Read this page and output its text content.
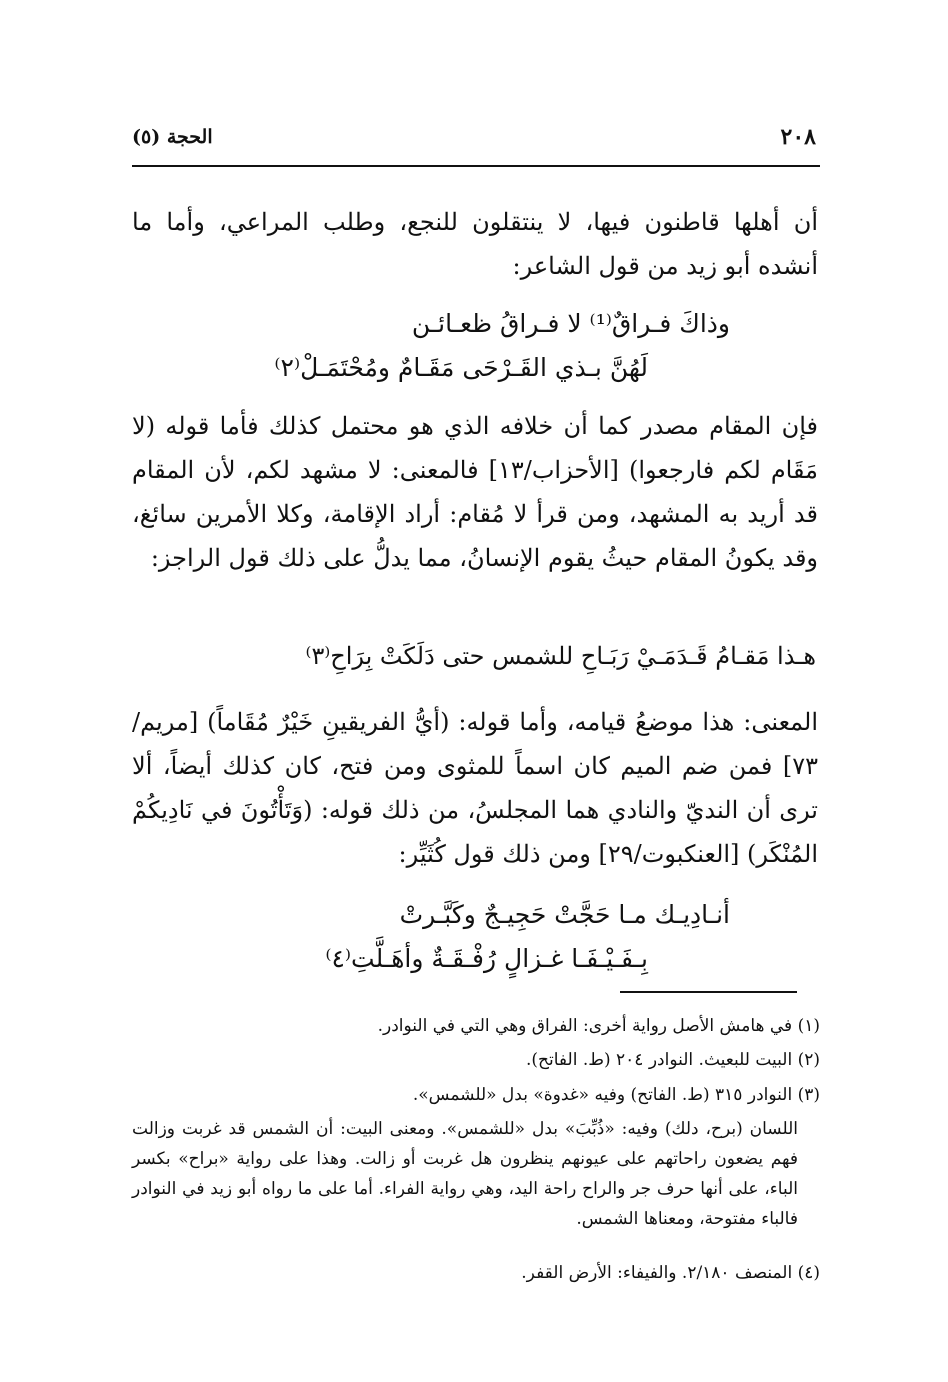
٢٠٨
الحجة (٥)
أن أهلها قاطنون فيها، لا ينتقلون للنجع، وطلب المراعي، وأما ما أنشده أبو زيد من قول الشاعر:
وذاكَ فـراقٌ⁽¹⁾ لا فـراقُ ظعـائـن
لَهُنَّ بـذي القَـرْحَى مَقَـامٌ ومُحْتَمَـلْ⁽٢⁾
فإن المقام مصدر كما أن خلافه الذي هو محتمل كذلك فأما قوله (لا مَقَام لكم فارجعوا) [الأحزاب/١٣] فالمعنى: لا مشهد لكم، لأن المقام قد أريد به المشهد، ومن قرأ لا مُقام: أراد الإقامة، وكلا الأمرين سائغ، وقد يكونُ المقام حيثُ يقوم الإنسانُ، مما يدلُّ على ذلك قول الراجز:
هـذا مَقـامُ قَـدَمَـيْ رَبَـاحِ للشمس حتى دَلَكَتْ بِرَاحِ⁽٣⁾
المعنى: هذا موضعُ قيامه، وأما قوله: (أيُّ الفريقينِ خَيْرٌ مُقَاماً) [مريم/٧٣] فمن ضم الميم كان اسماً للمثوى ومن فتح، كان كذلك أيضاً، ألا ترى أن النديّ والنادي هما المجلسُ، من ذلك قوله: (وَتَأْتُونَ في نَادِيكُمْ المُنْكَر) [العنكبوت/٢٩] ومن ذلك قول كُثَيِّر:
أنـادِيـك مـا حَجَّتْ حَجِيـجٌ وكَبَّـرتْ
بِـفَـيْـفَـا غـزالٍ رُفْـقَـةٌ وأهَـلَّتِ⁽٤⁾
(١) في هامش الأصل رواية أخرى: الفراق وهي التي في النوادر.
(٢) البيت للبعيث. النوادر ٢٠٤ (ط. الفاتح).
(٣) النوادر ٣١٥ (ط. الفاتح) وفيه «غدوة» بدل «للشمس».
اللسان (برح، دلك) وفيه: «ذُبِّبَ» بدل «للشمس». ومعنى البيت: أن الشمس قد غربت وزالت فهم يضعون راحاتهم على عيونهم ينظرون هل غربت أو زالت. وهذا على رواية «براح» بكسر الباء، على أنها حرف جر والراح راحة اليد، وهي رواية الفراء. أما على ما رواه أبو زيد في النوادر فالباء مفتوحة، ومعناها الشمس.
(٤) المنصف ٢/١٨٠. والفيفاء: الأرض القفر.
